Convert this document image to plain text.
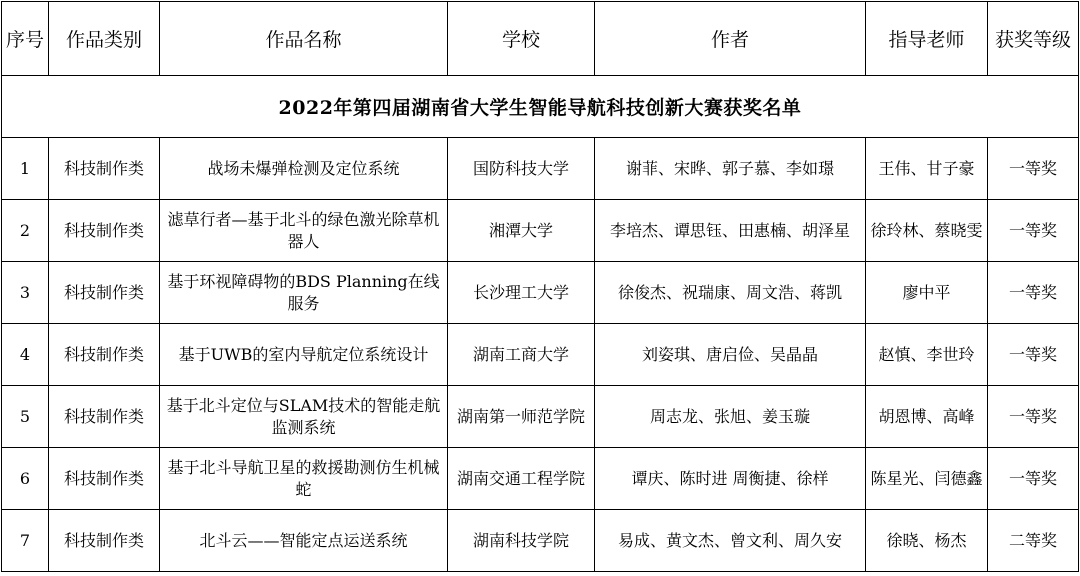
2022年第四届湖南省大学生智能导航科技创新大赛获奖名单						
序号	作品类别	作品名称	学校	作者	指导老师	获奖等级
1	科技制作类	战场未爆弹检测及定位系统	国防科技大学	谢菲、宋晔、郭子慕、李如璟	王伟、甘子豪	一等奖
2	科技制作类	滤草行者—基于北斗的绿色激光除草机器人	湘潭大学	李培杰、谭思钰、田惠楠、胡泽星	徐玲林、蔡晓雯	一等奖
3	科技制作类	基于环视障碍物的BDS Planning在线服务	长沙理工大学	徐俊杰、祝瑞康、周文浩、蒋凯	廖中平	一等奖
4	科技制作类	基于UWB的室内导航定位系统设计	湖南工商大学	刘姿琪、唐启俭、吴晶晶	赵慎、李世玲	一等奖
5	科技制作类	基于北斗定位与SLAM技术的智能走航监测系统	湖南第一师范学院	周志龙、张旭、姜玉璇	胡恩博、高峰	一等奖
6	科技制作类	基于北斗导航卫星的救援勘测仿生机械蛇	湖南交通工程学院	谭庆、陈时进 周衡捷、徐样	陈星光、闫德鑫	一等奖
7	科技制作类	北斗云——智能定点运送系统	湖南科技学院	易成、黄文杰、曾文利、周久安	徐晓、杨杰	二等奖
